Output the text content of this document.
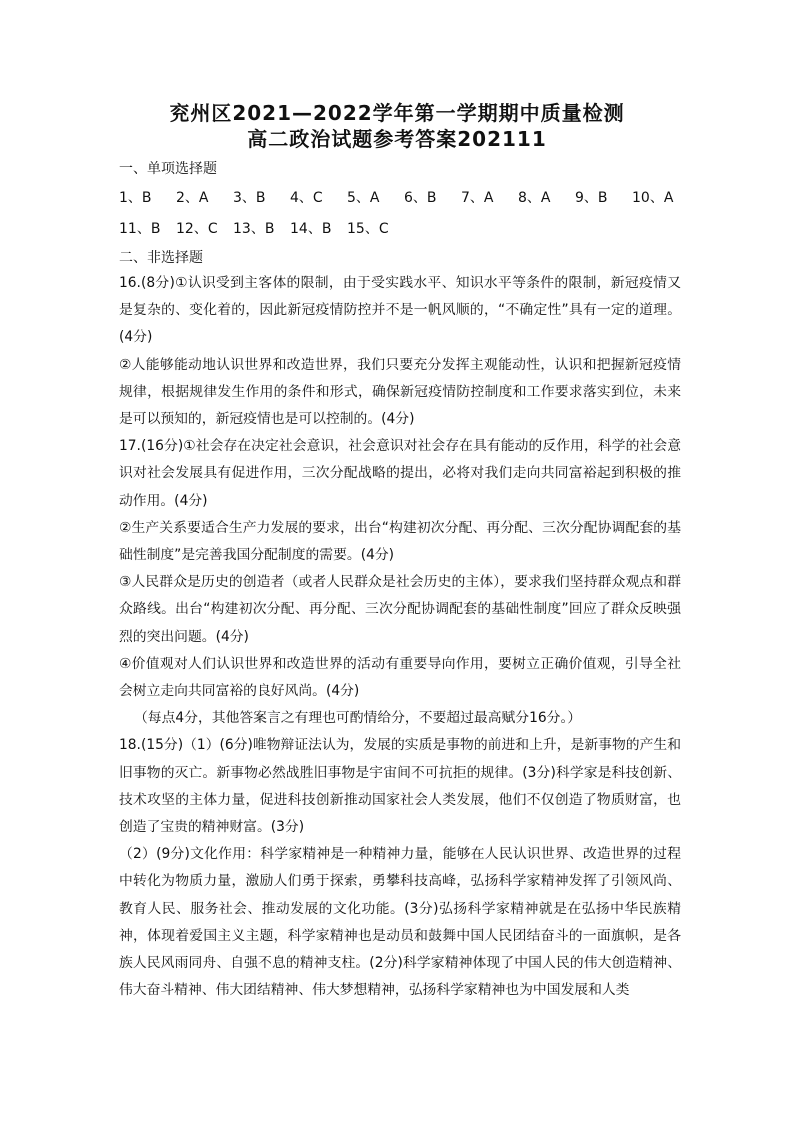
兖州区2021—2022学年第一学期期中质量检测
高二政治试题参考答案202111
一、单项选择题
1、B 2、A 3、B 4、C 5、A 6、B 7、A 8、A 9、B 10、A
11、B 12、C 13、B 14、B 15、C
二、非选择题

16.(8分)①认识受到主客体的限制，由于受实践水平、知识水平等条件的限制，新冠疫情又是复杂的、变化着的，因此新冠疫情防控并不是一帆风顺的，“不确定性”具有一定的道理。(4分)

②人能够能动地认识世界和改造世界，我们只要充分发挥主观能动性，认识和把握新冠疫情规律，根据规律发生作用的条件和形式，确保新冠疫情防控制度和工作要求落实到位，未来是可以预知的，新冠疫情也是可以控制的。(4分)

17.(16分)①社会存在决定社会意识，社会意识对社会存在具有能动的反作用，科学的社会意识对社会发展具有促进作用，三次分配战略的提出，必将对我们走向共同富裕起到积极的推动作用。(4分)

②生产关系要适合生产力发展的要求，出台“构建初次分配、再分配、三次分配协调配套的基础性制度”是完善我国分配制度的需要。(4分)

③人民群众是历史的创造者（或者人民群众是社会历史的主体），要求我们坚持群众观点和群众路线。出台“构建初次分配、再分配、三次分配协调配套的基础性制度”回应了群众反映强烈的突出问题。(4分)

④价值观对人们认识世界和改造世界的活动有重要导向作用，要树立正确价值观，引导全社会树立走向共同富裕的良好风尚。(4分)

（每点4分，其他答案言之有理也可酌情给分，不要超过最高赋分16分。）

18.(15分)（1）(6分)唯物辩证法认为，发展的实质是事物的前进和上升，是新事物的产生和旧事物的灭亡。新事物必然战胜旧事物是宇宙间不可抗拒的规律。(3分)科学家是科技创新、技术攻坚的主体力量，促进科技创新推动国家社会人类发展，他们不仅创造了物质财富，也创造了宝贵的精神财富。(3分)

（2）(9分)文化作用：科学家精神是一种精神力量，能够在人民认识世界、改造世界的过程中转化为物质力量，激励人们勇于探索，勇攀科技高峰，弘扬科学家精神发挥了引领风尚、教育人民、服务社会、推动发展的文化功能。(3分)弘扬科学家精神就是在弘扬中华民族精神，体现着爱国主义主题，科学家精神也是动员和鼓舞中国人民团结奋斗的一面旗帜，是各族人民风雨同舟、自强不息的精神支柱。(2分)科学家精神体现了中国人民的伟大创造精神、伟大奋斗精神、伟大团结精神、伟大梦想精神，弘扬科学家精神也为中国发展和人类
